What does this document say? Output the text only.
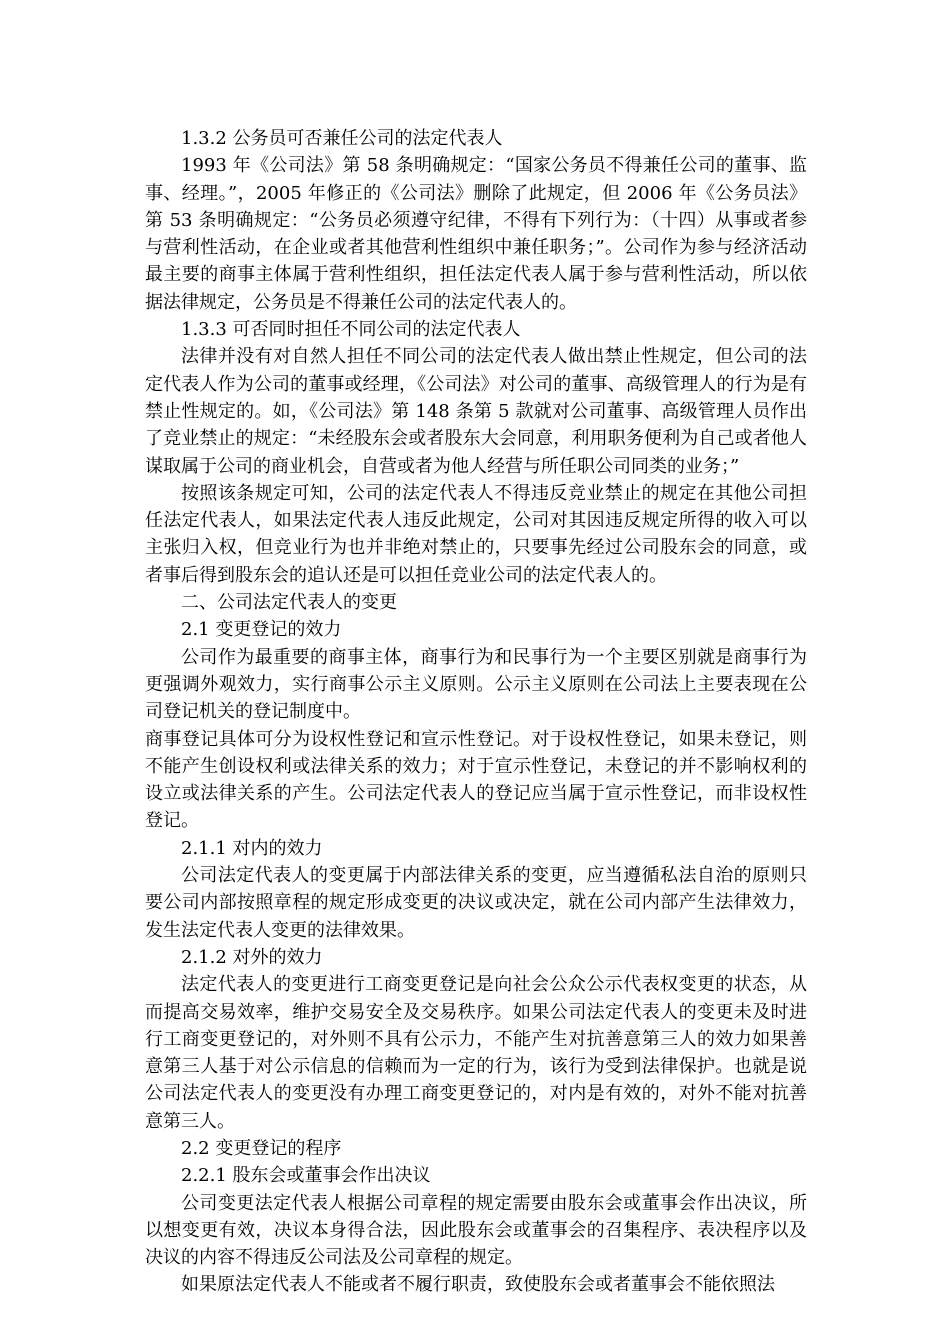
1.3.2 公务员可否兼任公司的法定代表人

1993 年《公司法》第 58 条明确规定：“国家公务员不得兼任公司的董事、监事、经理。”，2005 年修正的《公司法》删除了此规定，但 2006 年《公务员法》第 53 条明确规定：“公务员必须遵守纪律，不得有下列行为：（十四）从事或者参与营利性活动，在企业或者其他营利性组织中兼任职务；”。公司作为参与经济活动最主要的商事主体属于营利性组织，担任法定代表人属于参与营利性活动，所以依据法律规定，公务员是不得兼任公司的法定代表人的。

1.3.3 可否同时担任不同公司的法定代表人

法律并没有对自然人担任不同公司的法定代表人做出禁止性规定，但公司的法定代表人作为公司的董事或经理，《公司法》对公司的董事、高级管理人的行为是有禁止性规定的。如，《公司法》第 148 条第 5 款就对公司董事、高级管理人员作出了竞业禁止的规定：“未经股东会或者股东大会同意，利用职务便利为自己或者他人谋取属于公司的商业机会，自营或者为他人经营与所任职公司同类的业务；”

按照该条规定可知，公司的法定代表人不得违反竞业禁止的规定在其他公司担任法定代表人，如果法定代表人违反此规定，公司对其因违反规定所得的收入可以主张归入权，但竞业行为也并非绝对禁止的，只要事先经过公司股东会的同意，或者事后得到股东会的追认还是可以担任竞业公司的法定代表人的。

二、公司法定代表人的变更

2.1 变更登记的效力

公司作为最重要的商事主体，商事行为和民事行为一个主要区别就是商事行为更强调外观效力，实行商事公示主义原则。公示主义原则在公司法上主要表现在公司登记机关的登记制度中。

商事登记具体可分为设权性登记和宣示性登记。对于设权性登记，如果未登记，则不能产生创设权利或法律关系的效力；对于宣示性登记，未登记的并不影响权利的设立或法律关系的产生。公司法定代表人的登记应当属于宣示性登记，而非设权性登记。

2.1.1 对内的效力

公司法定代表人的变更属于内部法律关系的变更，应当遵循私法自治的原则只要公司内部按照章程的规定形成变更的决议或决定，就在公司内部产生法律效力，发生法定代表人变更的法律效果。

2.1.2 对外的效力

法定代表人的变更进行工商变更登记是向社会公众公示代表权变更的状态，从而提高交易效率，维护交易安全及交易秩序。如果公司法定代表人的变更未及时进行工商变更登记的，对外则不具有公示力，不能产生对抗善意第三人的效力如果善意第三人基于对公示信息的信赖而为一定的行为，该行为受到法律保护。也就是说公司法定代表人的变更没有办理工商变更登记的，对内是有效的，对外不能对抗善意第三人。

2.2 变更登记的程序

2.2.1 股东会或董事会作出决议

公司变更法定代表人根据公司章程的规定需要由股东会或董事会作出决议，所以想变更有效，决议本身得合法，因此股东会或董事会的召集程序、表决程序以及决议的内容不得违反公司法及公司章程的规定。

如果原法定代表人不能或者不履行职责，致使股东会或者董事会不能依照法
